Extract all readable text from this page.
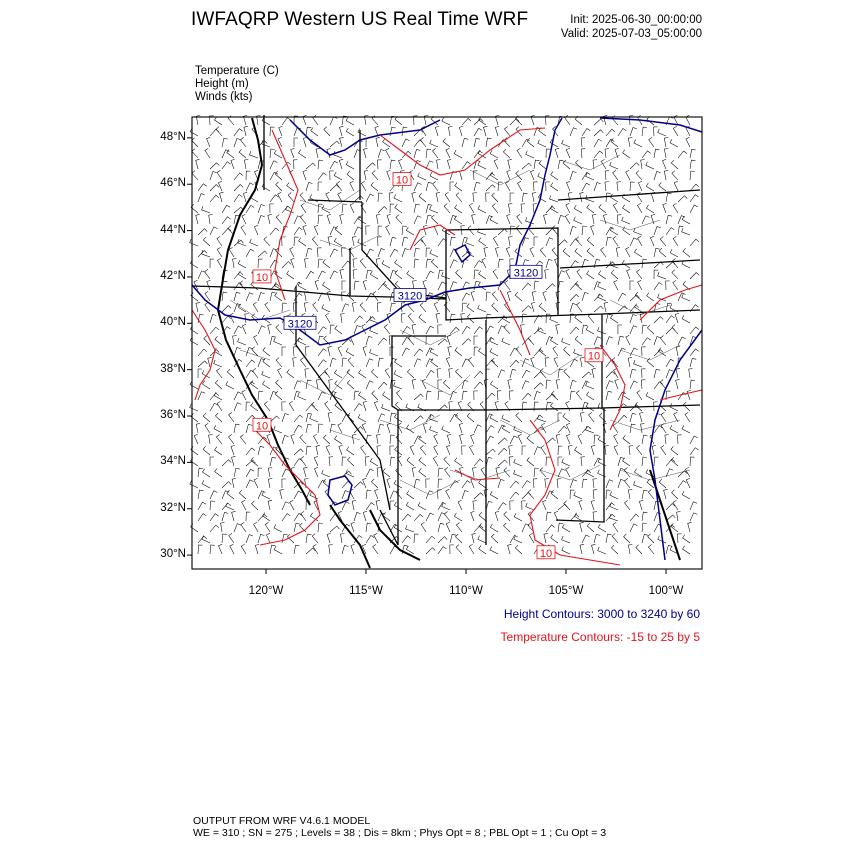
IWFAQRP Western US Real Time WRF	Init: 2025-06-30_00:00:00
Valid: 2025-07-03_05:00:00
Temperature (C)
Height (m)
Winds (kts)
3120
3120
3120
10
10
10
10
10
48°N
46°N
44°N
42°N
40°N
38°N
36°N
34°N
32°N
30°N
120°W	115°W	110°W	105°W	100°W
Height Contours: 3000 to 3240 by 60
Temperature Contours: -15 to 25 by 5
OUTPUT FROM WRF V4.6.1 MODEL
WE = 310 ; SN = 275 ; Levels = 38 ; Dis = 8km ; Phys Opt = 8 ; PBL Opt = 1 ; Cu Opt = 3
